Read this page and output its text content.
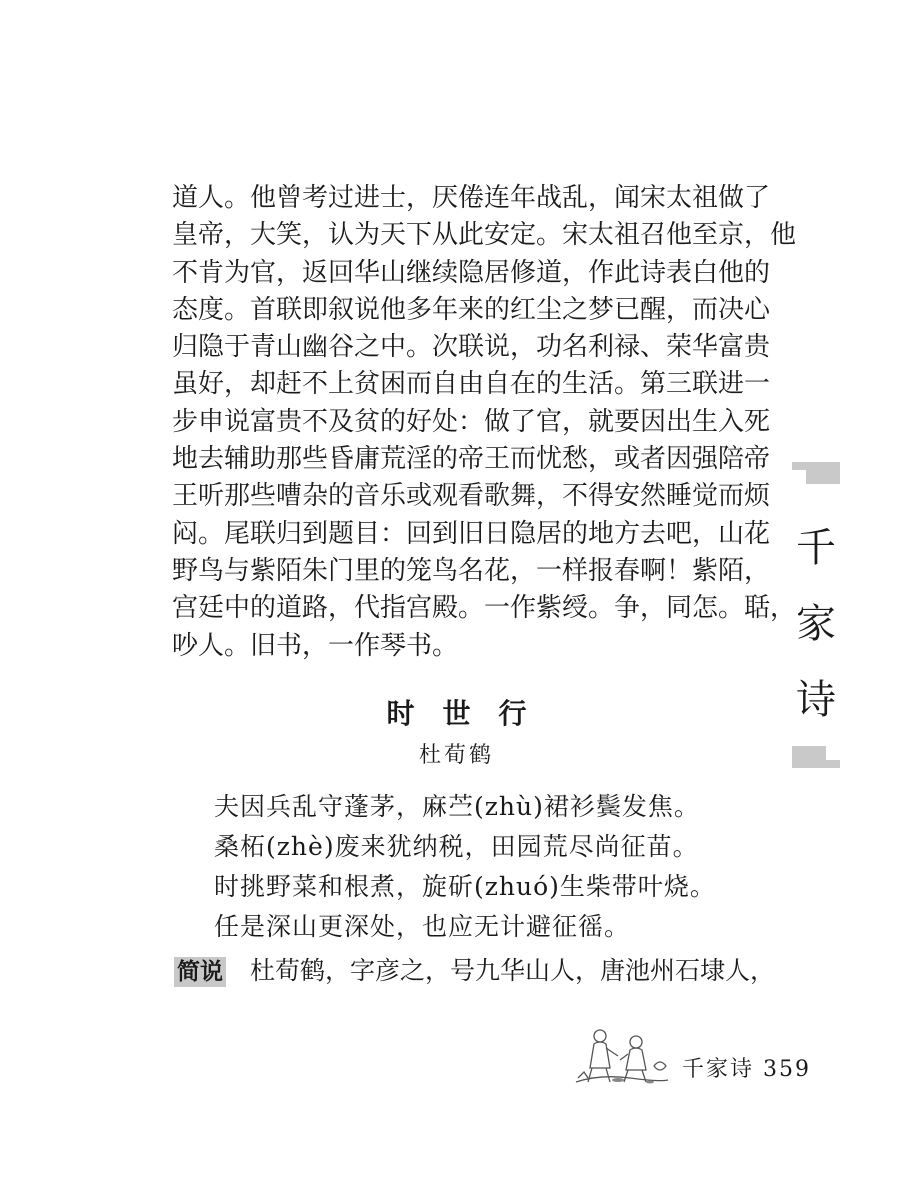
道人。他曾考过进士，厌倦连年战乱，闻宋太祖做了
皇帝，大笑，认为天下从此安定。宋太祖召他至京，他
不肯为官，返回华山继续隐居修道，作此诗表白他的
态度。首联即叙说他多年来的红尘之梦已醒，而决心
归隐于青山幽谷之中。次联说，功名利禄、荣华富贵
虽好，却赶不上贫困而自由自在的生活。第三联进一
步申说富贵不及贫的好处：做了官，就要因出生入死
地去辅助那些昏庸荒淫的帝王而忧愁，或者因强陪帝
王听那些嘈杂的音乐或观看歌舞，不得安然睡觉而烦
闷。尾联归到题目：回到旧日隐居的地方去吧，山花
野鸟与紫陌朱门里的笼鸟名花，一样报春啊！紫陌，
宫廷中的道路，代指宫殿。一作紫绶。争，同怎。聒，
吵人。旧书，一作琴书。
时世行
杜荀鹤
夫因兵乱守蓬茅，麻苎(zhù)裙衫鬓发焦。
桑柘(zhè)废来犹纳税，田园荒尽尚征苗。
时挑野菜和根煮，旋斫(zhuó)生柴带叶烧。
任是深山更深处，也应无计避征徭。
简说 杜荀鹤，字彦之，号九华山人，唐池州石埭人，
千
家
诗
千家诗 359
